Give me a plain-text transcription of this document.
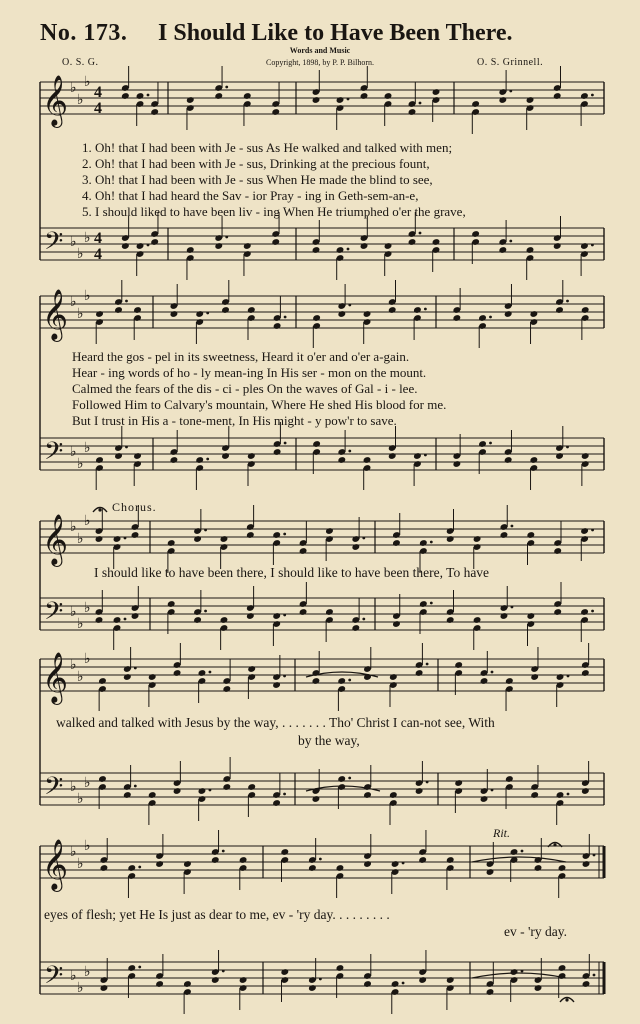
No. 173. I Should Like to Have Been There.
Words and Music
O. S. G.	Copyright, 1898, by P. P. Bilhorn.	O. S. Grinnell.
𝄞
𝄢
♭
♭
♭
♭
♭
♭
4
4
4
4
𝄞
𝄢
♭
♭
♭
♭
♭
♭
𝄞
𝄢
♭
♭
♭
♭
♭
♭
𝄞
𝄢
♭
♭
♭
♭
♭
♭
𝄞
𝄢
♭
♭
♭
♭
♭
♭
1. Oh! that I had been with Je - sus As He walked and talked with men;
2. Oh! that I had been with Je - sus, Drinking at the precious fount,
3. Oh! that I had been with Je - sus When He made the blind to see,
4. Oh! that I had heard the Sav - ior Pray - ing in Geth-sem-an-e,
5. I should liked to have been liv - ing When He triumphed o'er the grave,
Heard the gos - pel in its sweetness, Heard it o'er and o'er a-gain.
Hear - ing words of ho - ly mean-ing In His ser - mon on the mount.
Calmed the fears of the dis - ci - ples On the waves of Gal - i - lee.
Followed Him to Calvary's mountain, Where He shed His blood for me.
But I trust in His a - tone-ment, In His might - y pow'r to save.
Chorus.
I should like to have been there, I should like to have been there, To have
walked and talked with Jesus by the way, . . . . . . . Tho' Christ I can-not see, With
by the way,
Rit.
eyes of flesh; yet He Is just as dear to me, ev - 'ry day. . . . . . . . .
ev - 'ry day.
